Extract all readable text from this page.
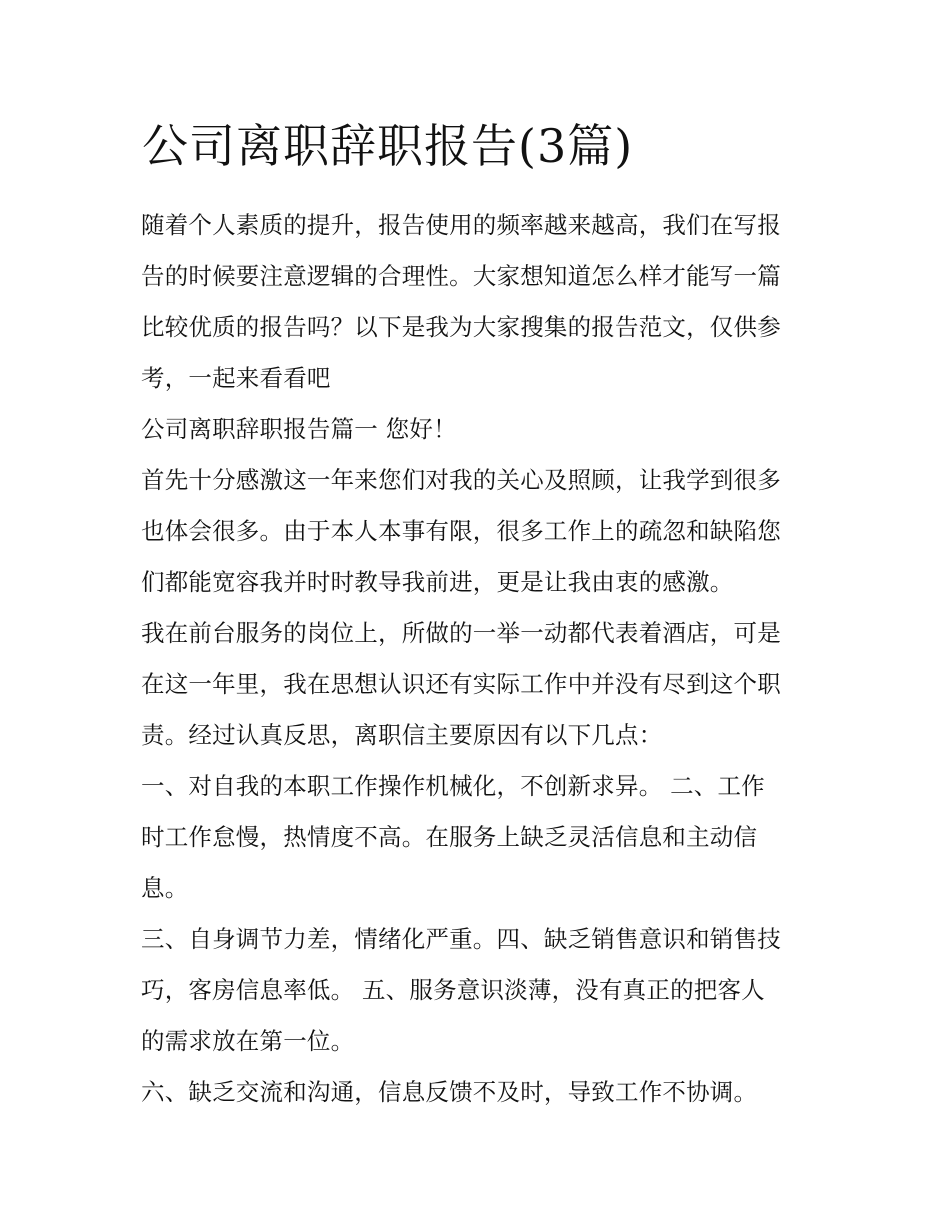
公司离职辞职报告(3篇)

随着个人素质的提升，报告使用的频率越来越高，我们在写报
告的时候要注意逻辑的合理性。大家想知道怎么样才能写一篇
比较优质的报告吗？以下是我为大家搜集的报告范文，仅供参
考，一起来看看吧

公司离职辞职报告篇一 您好！

首先十分感激这一年来您们对我的关心及照顾，让我学到很多
也体会很多。由于本人本事有限，很多工作上的疏忽和缺陷您
们都能宽容我并时时教导我前进，更是让我由衷的感激。

我在前台服务的岗位上，所做的一举一动都代表着酒店，可是
在这一年里，我在思想认识还有实际工作中并没有尽到这个职
责。经过认真反思，离职信主要原因有以下几点：

一、对自我的本职工作操作机械化，不创新求异。 二、工作
时工作怠慢，热情度不高。在服务上缺乏灵活信息和主动信
息。

三、自身调节力差，情绪化严重。四、缺乏销售意识和销售技
巧，客房信息率低。 五、服务意识淡薄，没有真正的把客人
的需求放在第一位。

六、缺乏交流和沟通，信息反馈不及时，导致工作不协调。
